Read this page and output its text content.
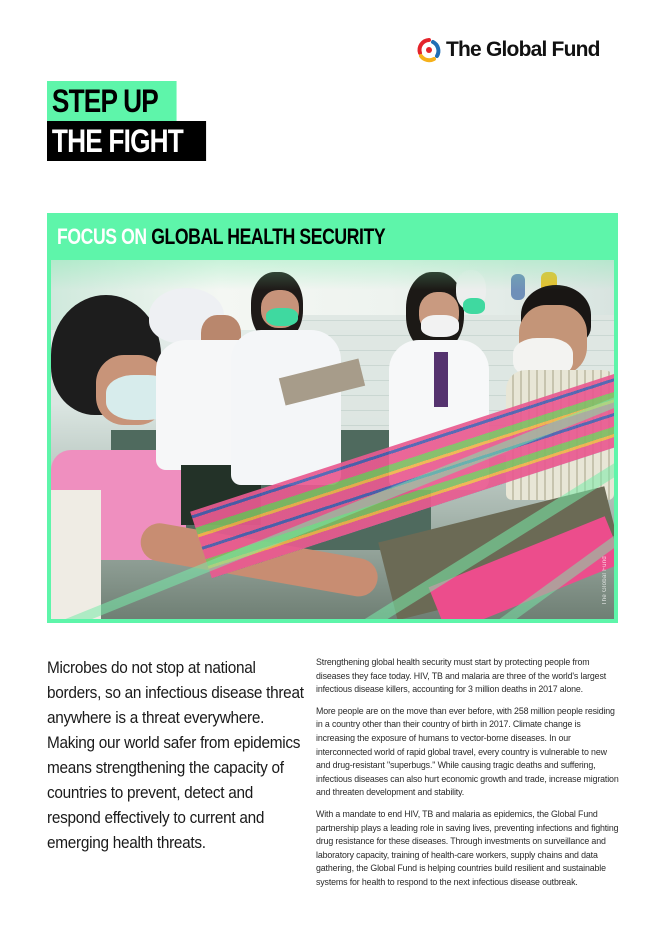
The Global Fund
STEP UP
THE FIGHT
FOCUS ON GLOBAL HEALTH SECURITY
The Global Fund
Microbes do not stop at national borders, so an infectious disease threat anywhere is a threat everywhere. Making our world safer from epidemics means strengthening the capacity of countries to prevent, detect and respond effectively to current and emerging health threats.

Strengthening global health security must start by protecting people from diseases they face today. HIV, TB and malaria are three of the world's largest infectious disease killers, accounting for 3 million deaths in 2017 alone.

More people are on the move than ever before, with 258 million people residing in a country other than their country of birth in 2017. Climate change is increasing the exposure of humans to vector-borne diseases. In our interconnected world of rapid global travel, every country is vulnerable to new and drug-resistant "superbugs." While causing tragic deaths and suffering, infectious diseases can also hurt economic growth and trade, increase migration and threaten development and stability.

With a mandate to end HIV, TB and malaria as epidemics, the Global Fund partnership plays a leading role in saving lives, preventing infections and fighting drug resistance for these diseases. Through investments on surveillance and laboratory capacity, training of health-care workers, supply chains and data gathering, the Global Fund is helping countries build resilient and sustainable systems for health to respond to the next infectious disease outbreak.
